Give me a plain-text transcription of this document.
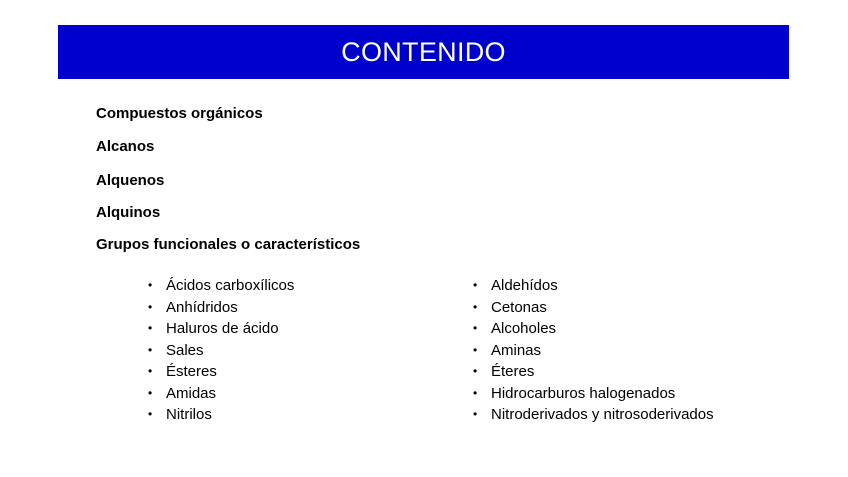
CONTENIDO
Compuestos orgánicos
Alcanos
Alquenos
Alquinos
Grupos funcionales o característicos
• Ácidos carboxílicos
• Anhídridos
• Haluros de ácido
• Sales
• Ésteres
• Amidas
• Nitrilos
• Aldehídos
• Cetonas
• Alcoholes
• Aminas
• Éteres
• Hidrocarburos halogenados
• Nitroderivados y nitrosoderivados
